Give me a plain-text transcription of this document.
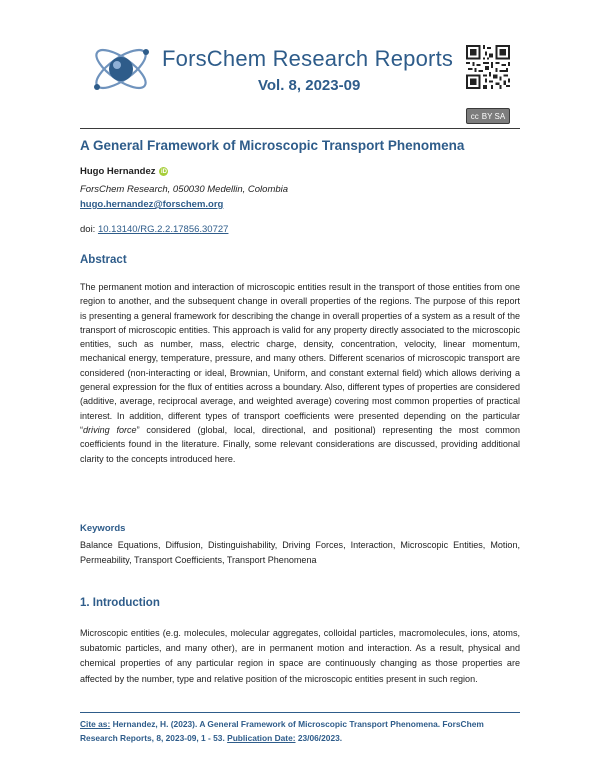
ForsChem Research Reports
Vol. 8, 2023-09
cc BY SA
A General Framework of Microscopic Transport Phenomena
Hugo Hernandez iD
ForsChem Research, 050030 Medellin, Colombia
hugo.hernandez@forschem.org
doi: 10.13140/RG.2.2.17856.30727
Abstract
The permanent motion and interaction of microscopic entities result in the transport of those entities from one region to another, and the subsequent change in overall properties of the regions. The purpose of this report is presenting a general framework for describing the change in overall properties of a system as a result of the transport of microscopic entities. This approach is valid for any property directly associated to the microscopic entities, such as number, mass, electric charge, density, concentration, velocity, linear momentum, mechanical energy, temperature, pressure, and many others. Different scenarios of microscopic transport are considered (non-interacting or ideal, Brownian, Uniform, and constant external field) which allows deriving a general expression for the flux of entities across a boundary. Also, different types of properties are considered (additive, average, reciprocal average, and weighted average) covering most common properties of practical interest. In addition, different types of transport coefficients were presented depending on the particular “driving force” considered (global, local, directional, and positional) representing the most common coefficients found in the literature. Finally, some relevant considerations are discussed, providing additional clarity to the concepts introduced here.
Keywords
Balance Equations, Diffusion, Distinguishability, Driving Forces, Interaction, Microscopic Entities, Motion, Permeability, Transport Coefficients, Transport Phenomena
1. Introduction
Microscopic entities (e.g. molecules, molecular aggregates, colloidal particles, macromolecules, ions, atoms, subatomic particles, and many other), are in permanent motion and interaction. As a result, physical and chemical properties of any particular region in space are continuously changing as those properties are affected by the number, type and relative position of the microscopic entities present in such region.
Cite as: Hernandez, H. (2023). A General Framework of Microscopic Transport Phenomena. ForsChem Research Reports, 8, 2023-09, 1 - 53. Publication Date: 23/06/2023.
